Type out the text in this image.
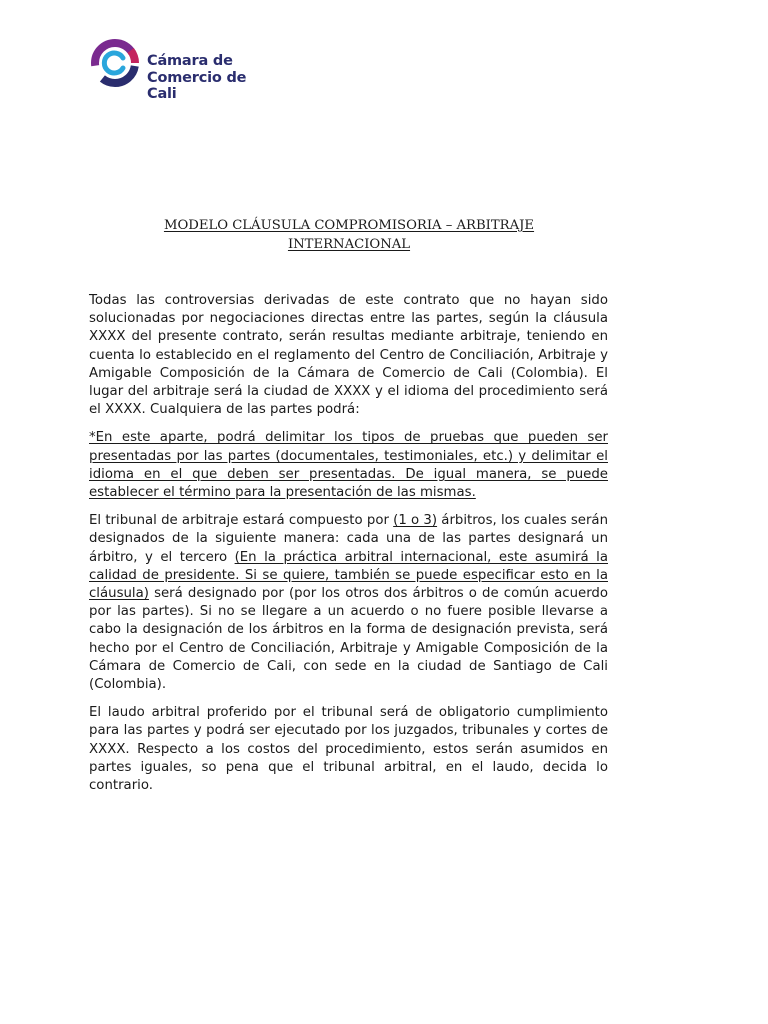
Cámara de
Comercio de
Cali
MODELO CLÁUSULA COMPROMISORIA – ARBITRAJE
INTERNACIONAL

Todas las controversias derivadas de este contrato que no hayan sido solucionadas por negociaciones directas entre las partes, según la cláusula XXXX del presente contrato, serán resultas mediante arbitraje, teniendo en cuenta lo establecido en el reglamento del Centro de Conciliación, Arbitraje y Amigable Composición de la Cámara de Comercio de Cali (Colombia). El lugar del arbitraje será la ciudad de XXXX y el idioma del procedimiento será el XXXX. Cualquiera de las partes podrá:

*En este aparte, podrá delimitar los tipos de pruebas que pueden ser presentadas por las partes (documentales, testimoniales, etc.) y delimitar el idioma en el que deben ser presentadas. De igual manera, se puede establecer el término para la presentación de las mismas.

El tribunal de arbitraje estará compuesto por (1 o 3) árbitros, los cuales serán designados de la siguiente manera: cada una de las partes designará un árbitro, y el tercero (En la práctica arbitral internacional, este asumirá la calidad de presidente. Si se quiere, también se puede especificar esto en la cláusula) será designado por (por los otros dos árbitros o de común acuerdo por las partes). Si no se llegare a un acuerdo o no fuere posible llevarse a cabo la designación de los árbitros en la forma de designación prevista, será hecho por el Centro de Conciliación, Arbitraje y Amigable Composición de la Cámara de Comercio de Cali, con sede en la ciudad de Santiago de Cali (Colombia).

El laudo arbitral proferido por el tribunal será de obligatorio cumplimiento para las partes y podrá ser ejecutado por los juzgados, tribunales y cortes de XXXX. Respecto a los costos del procedimiento, estos serán asumidos en partes iguales, so pena que el tribunal arbitral, en el laudo, decida lo contrario.
